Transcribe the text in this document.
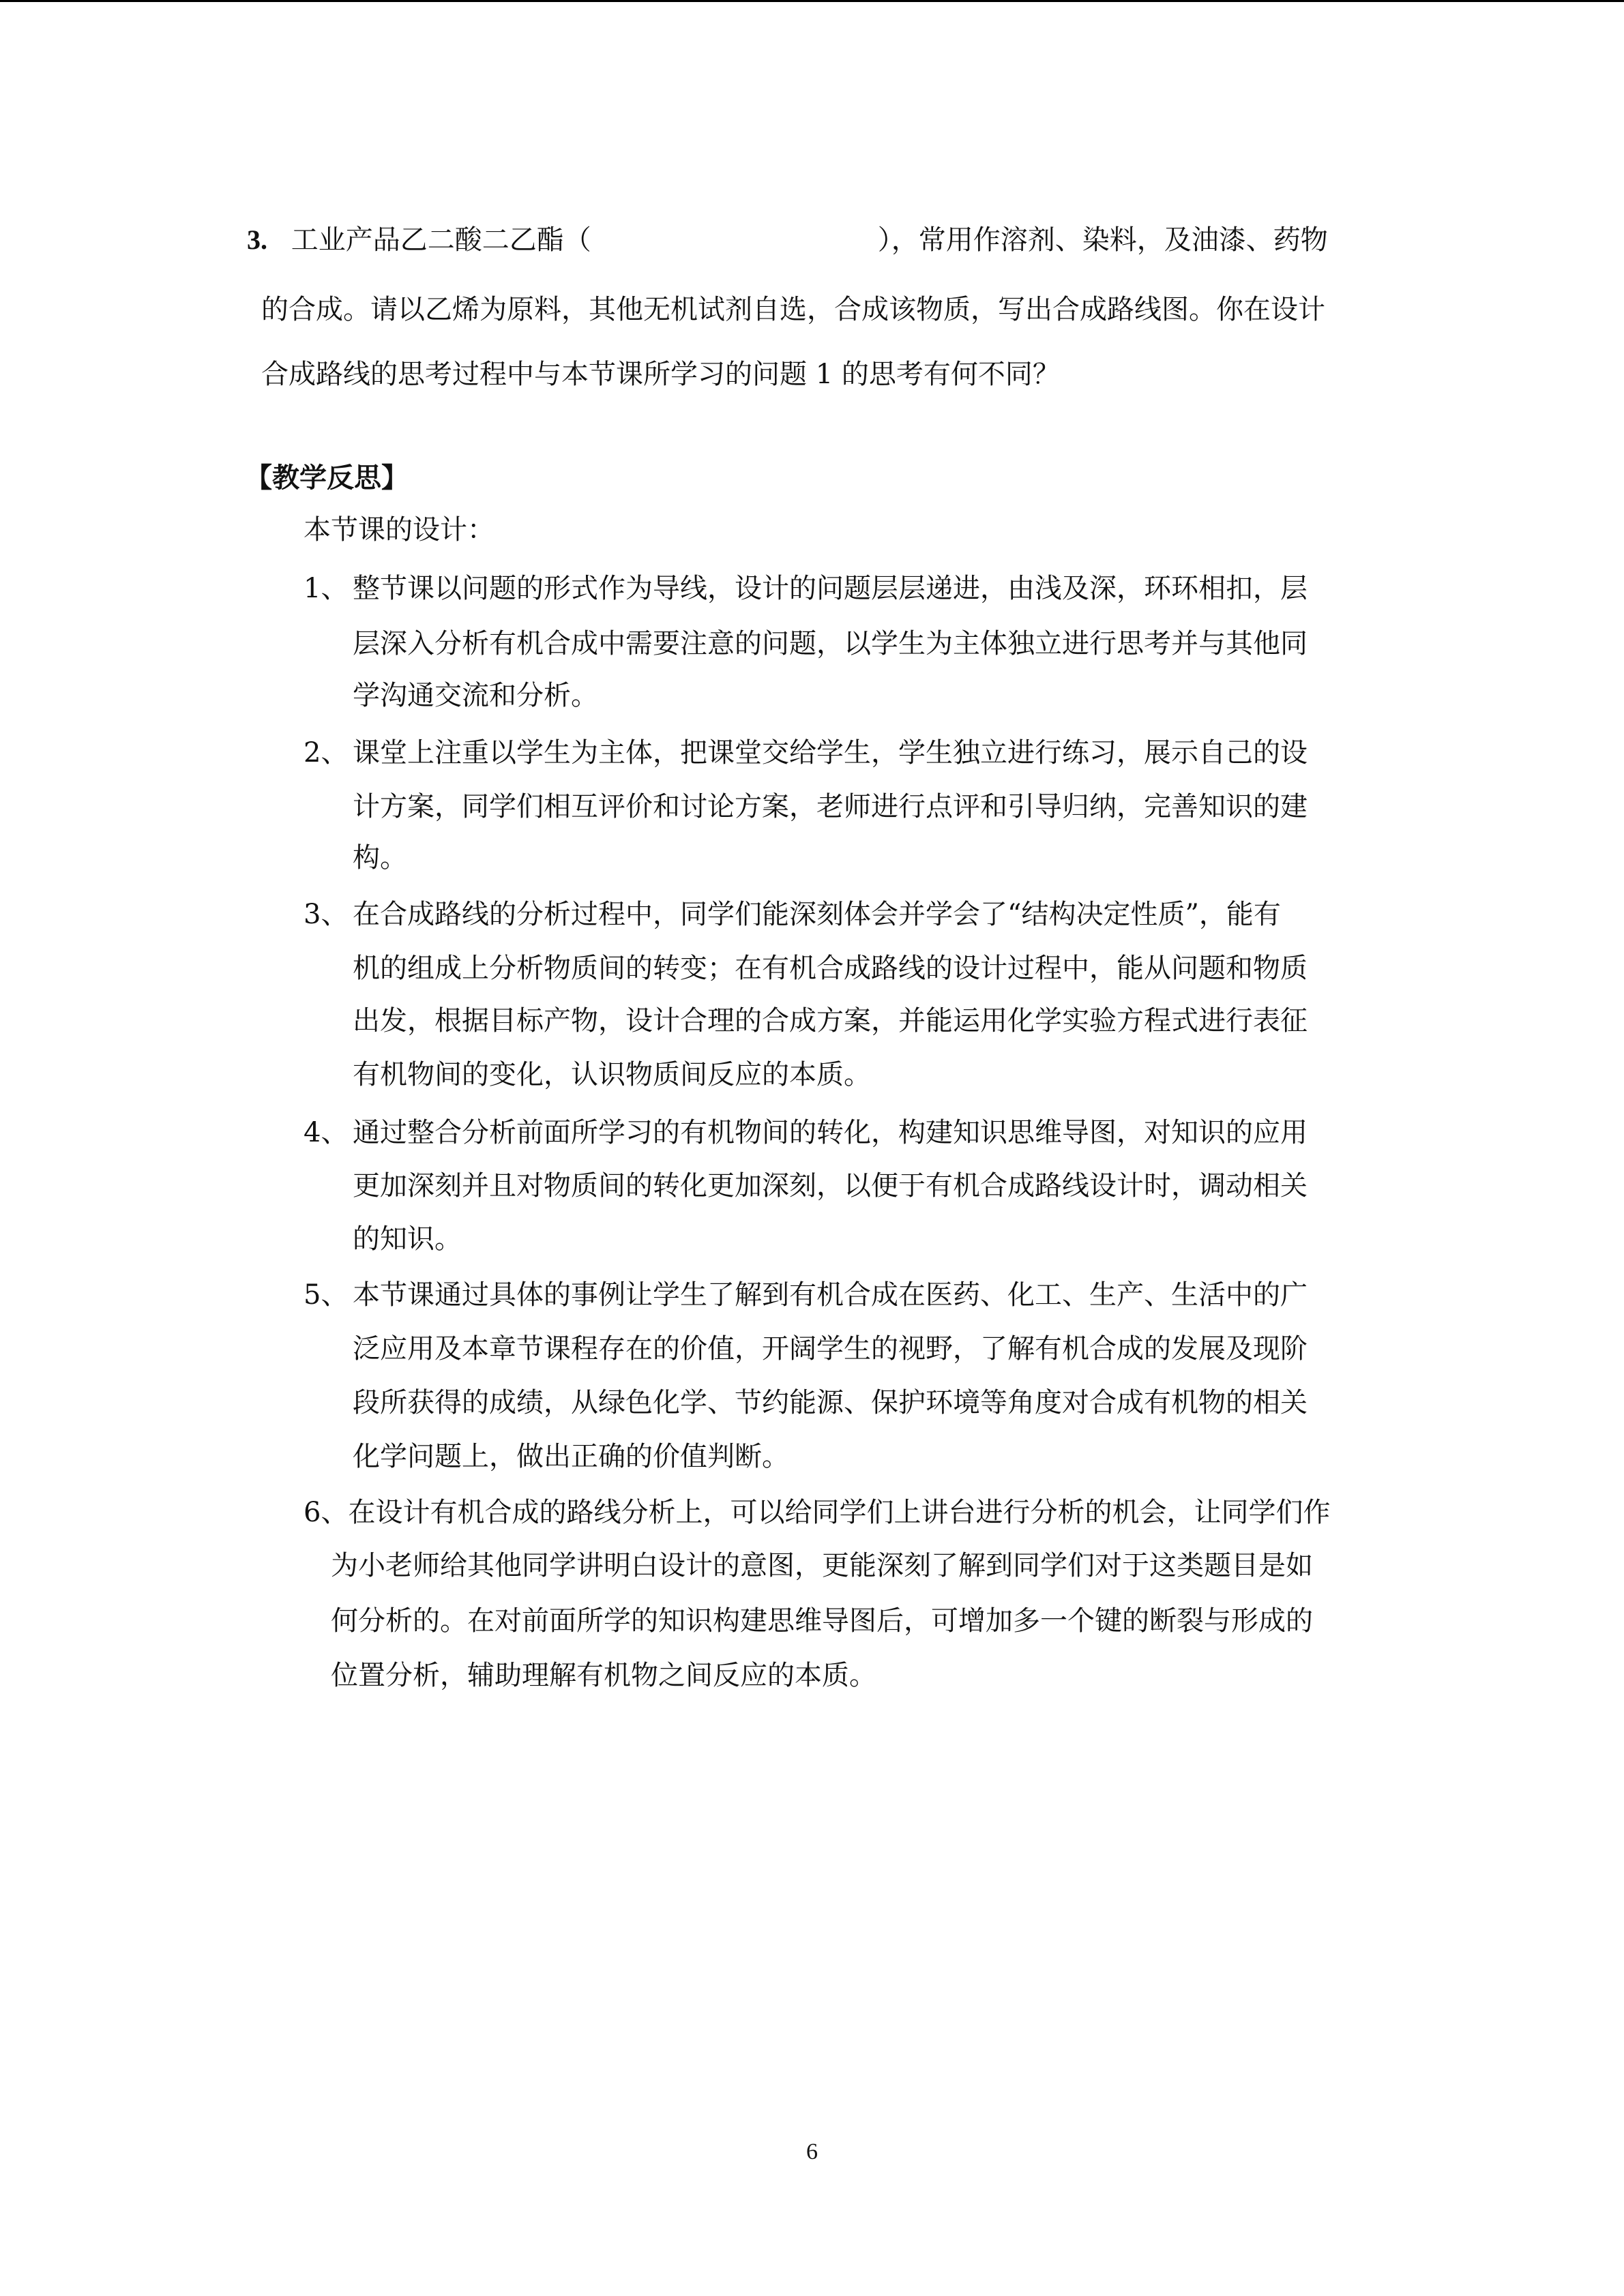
3. 工业产品乙二酸二乙酯（	），常用作溶剂、染料，及油漆、药物
的合成。请以乙烯为原料，其他无机试剂自选，合成该物质，写出合成路线图。你在设计
合成路线的思考过程中与本节课所学习的问题 1 的思考有何不同？
【教学反思】
本节课的设计：
1、 整节课以问题的形式作为导线，设计的问题层层递进，由浅及深，环环相扣，层
层深入分析有机合成中需要注意的问题，以学生为主体独立进行思考并与其他同
学沟通交流和分析。
2、 课堂上注重以学生为主体，把课堂交给学生，学生独立进行练习，展示自己的设
计方案，同学们相互评价和讨论方案，老师进行点评和引导归纳，完善知识的建
构。
3、 在合成路线的分析过程中，同学们能深刻体会并学会了“结构决定性质”，能有
机的组成上分析物质间的转变；在有机合成路线的设计过程中，能从问题和物质
出发，根据目标产物，设计合理的合成方案，并能运用化学实验方程式进行表征
有机物间的变化，认识物质间反应的本质。
4、 通过整合分析前面所学习的有机物间的转化，构建知识思维导图，对知识的应用
更加深刻并且对物质间的转化更加深刻，以便于有机合成路线设计时，调动相关
的知识。
5、 本节课通过具体的事例让学生了解到有机合成在医药、化工、生产、生活中的广
泛应用及本章节课程存在的价值，开阔学生的视野，了解有机合成的发展及现阶
段所获得的成绩，从绿色化学、节约能源、保护环境等角度对合成有机物的相关
化学问题上，做出正确的价值判断。
6、在设计有机合成的路线分析上，可以给同学们上讲台进行分析的机会，让同学们作
为小老师给其他同学讲明白设计的意图，更能深刻了解到同学们对于这类题目是如
何分析的。在对前面所学的知识构建思维导图后，可增加多一个键的断裂与形成的
位置分析，辅助理解有机物之间反应的本质。
6
